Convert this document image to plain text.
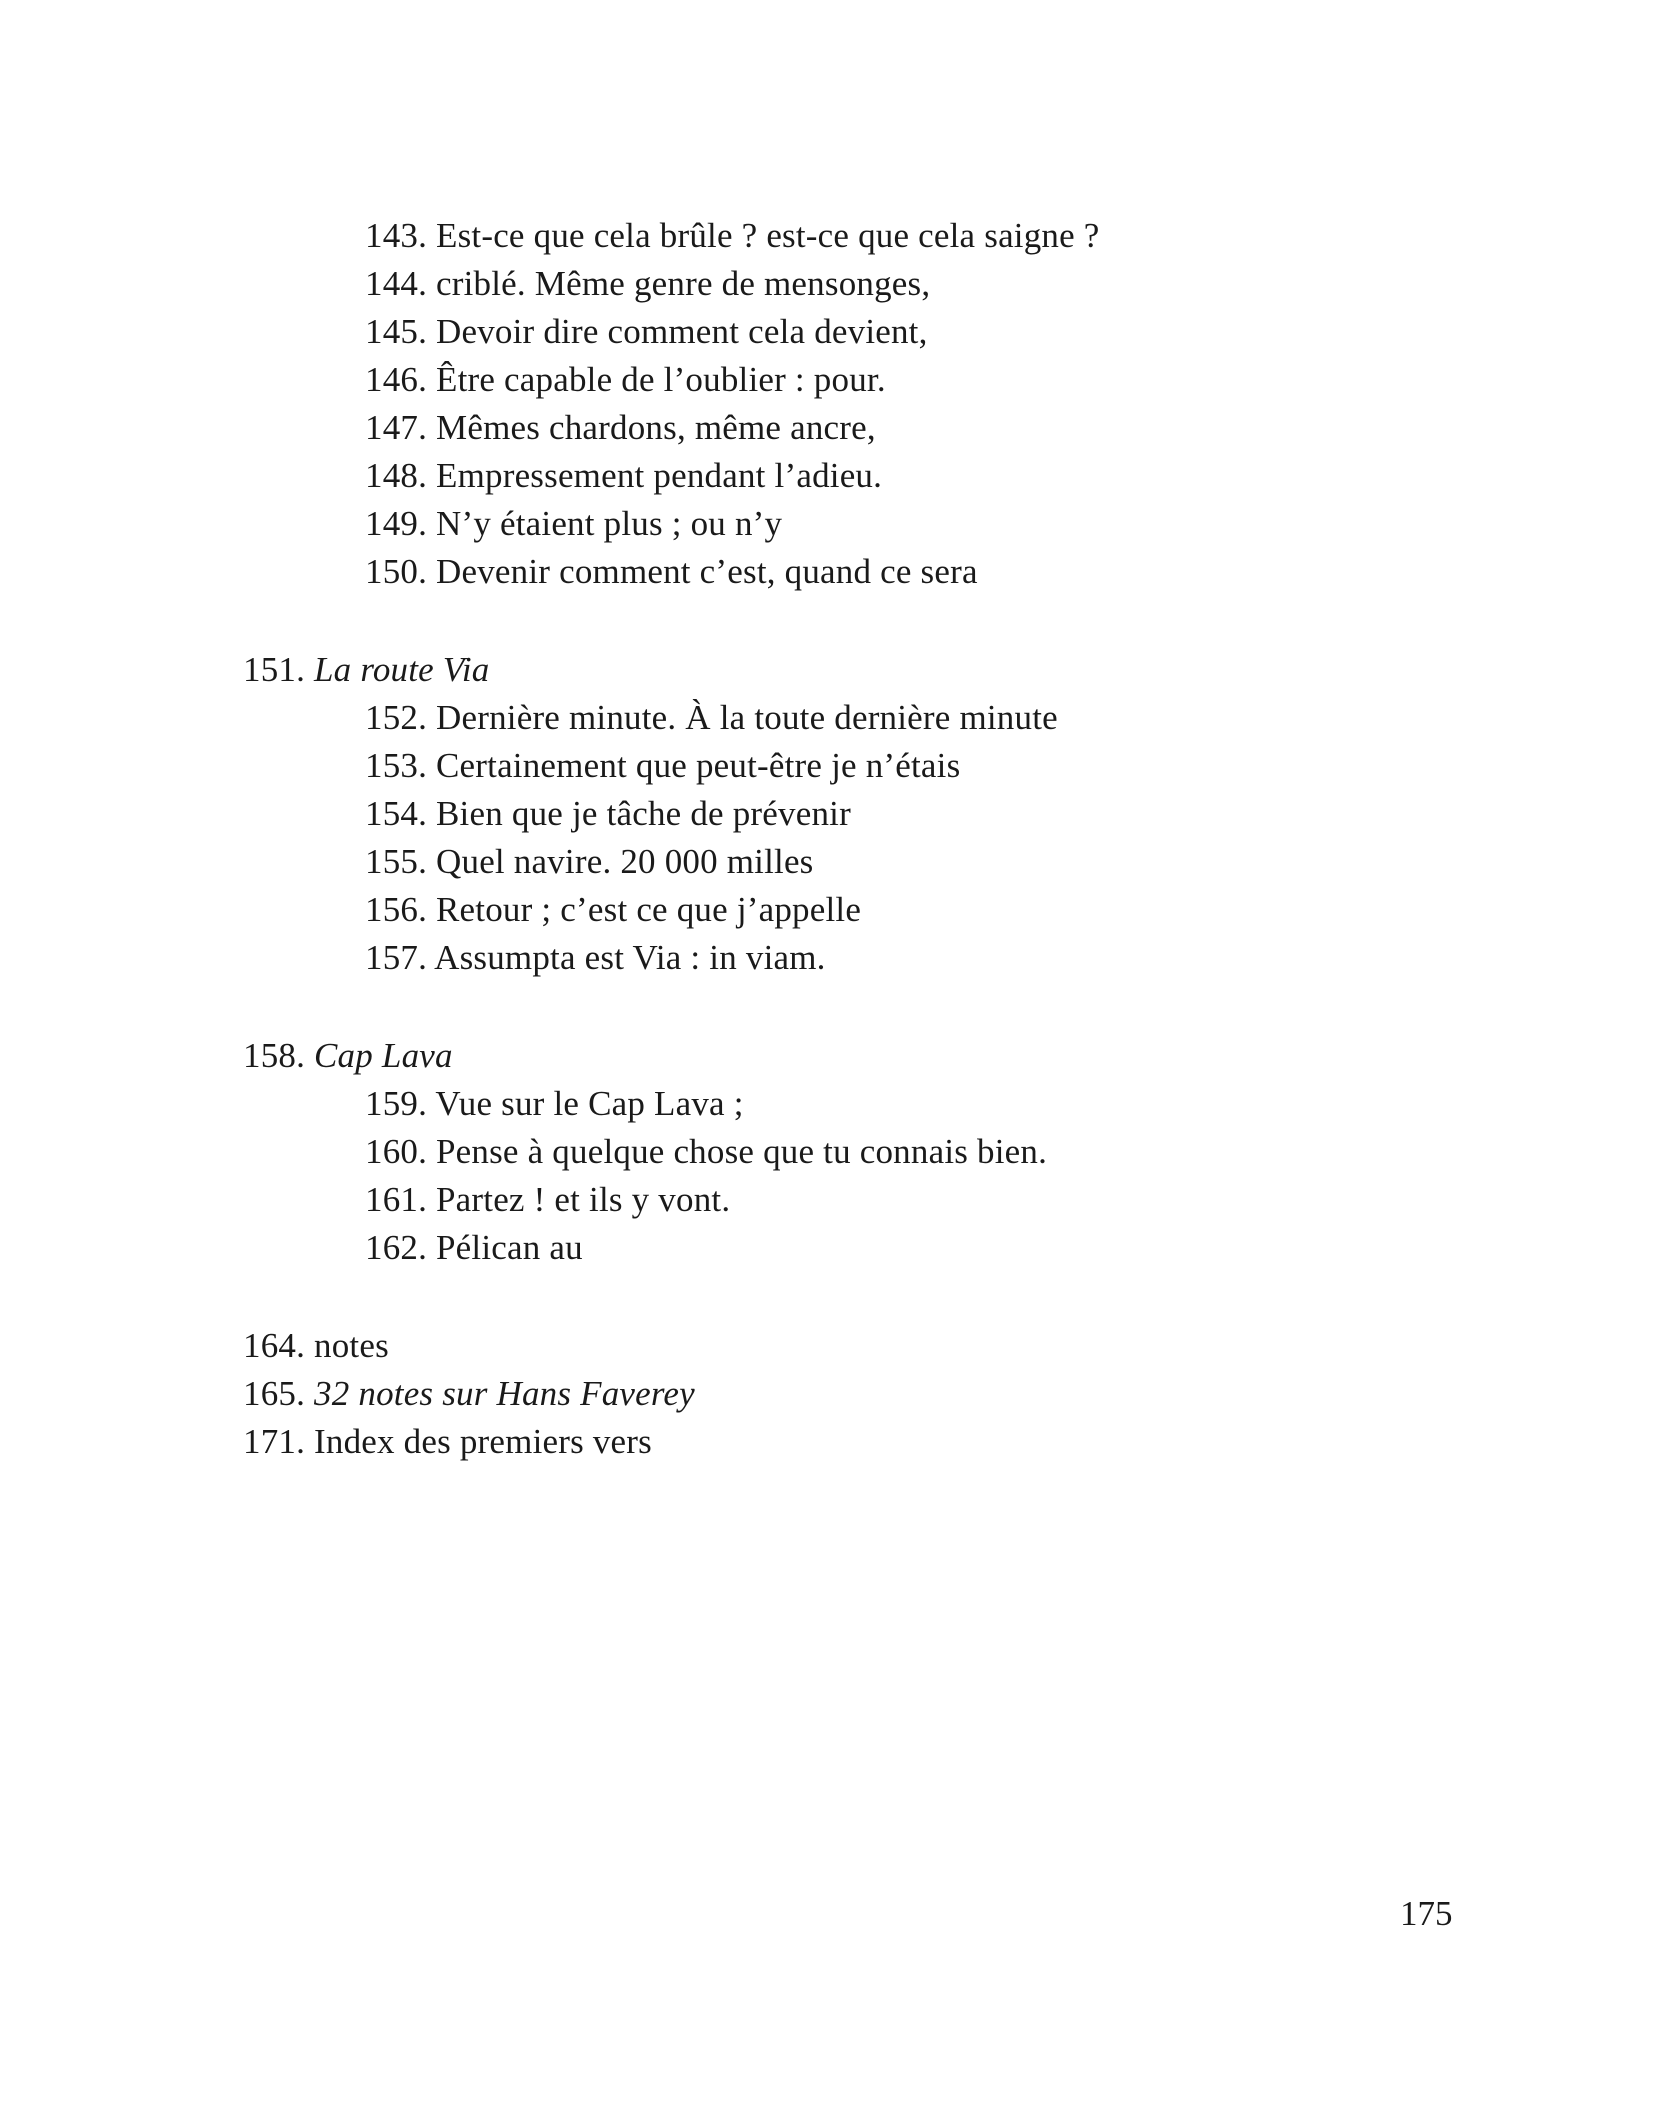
143. Est-ce que cela brûle ? est-ce que cela saigne ?
144. criblé. Même genre de mensonges,
145. Devoir dire comment cela devient,
146. Être capable de l’oublier : pour.
147. Mêmes chardons, même ancre,
148. Empressement pendant l’adieu.
149. N’y étaient plus ; ou n’y
150. Devenir comment c’est, quand ce sera
151. La route Via
152. Dernière minute. À la toute dernière minute
153. Certainement que peut-être je n’étais
154. Bien que je tâche de prévenir
155. Quel navire. 20 000 milles
156. Retour ; c’est ce que j’appelle
157. Assumpta est Via : in viam.
158. Cap Lava
159. Vue sur le Cap Lava ;
160. Pense à quelque chose que tu connais bien.
161. Partez ! et ils y vont.
162. Pélican au
164. notes
165. 32 notes sur Hans Faverey
171. Index des premiers vers
175
